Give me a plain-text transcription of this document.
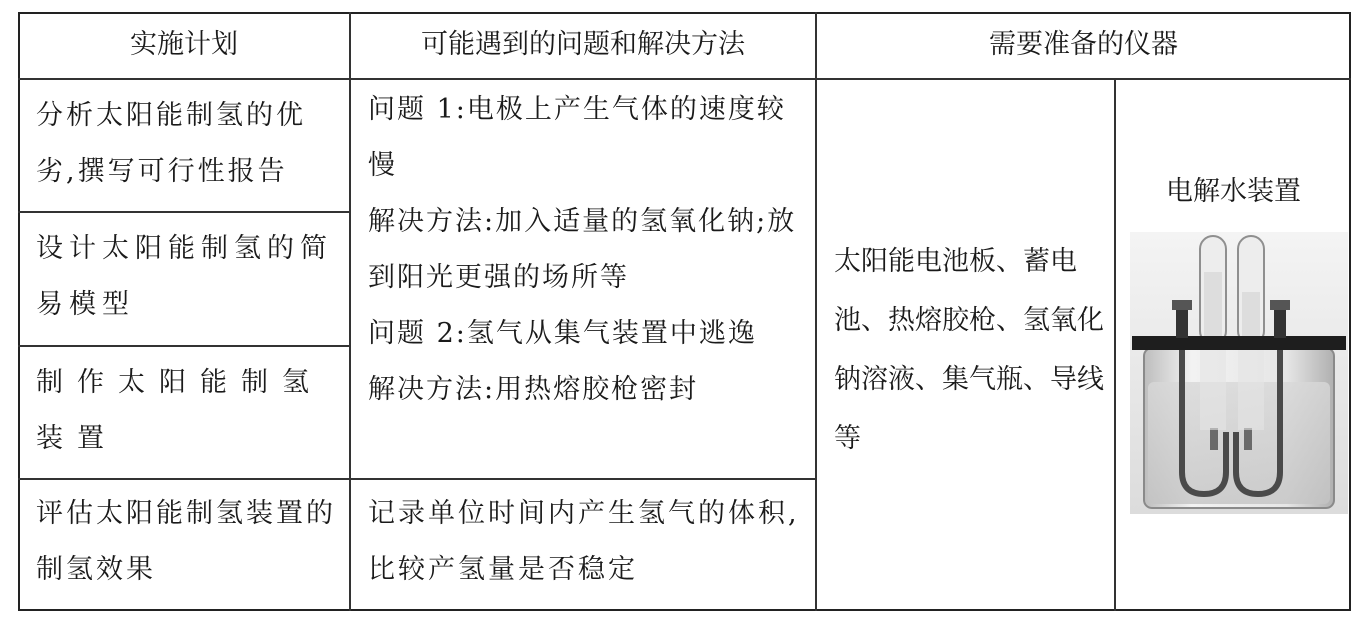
实施计划	可能遇到的问题和解决方法	需要准备的仪器
分析太阳能制氢的优劣,撰写可行性报告
设计太阳能制氢的简易模型
制作太阳能制氢装置
评估太阳能制氢装置的制氢效果

问题 1:电极上产生气体的速度较慢

解决方法:加入适量的氢氧化钠;放到阳光更强的场所等

问题 2:氢气从集气装置中逃逸

解决方法:用热熔胶枪密封

记录单位时间内产生氢气的体积,比较产氢量是否稳定
太阳能电池板、蓄电池、热熔胶枪、氢氧化钠溶液、集气瓶、导线等
电解水装置
